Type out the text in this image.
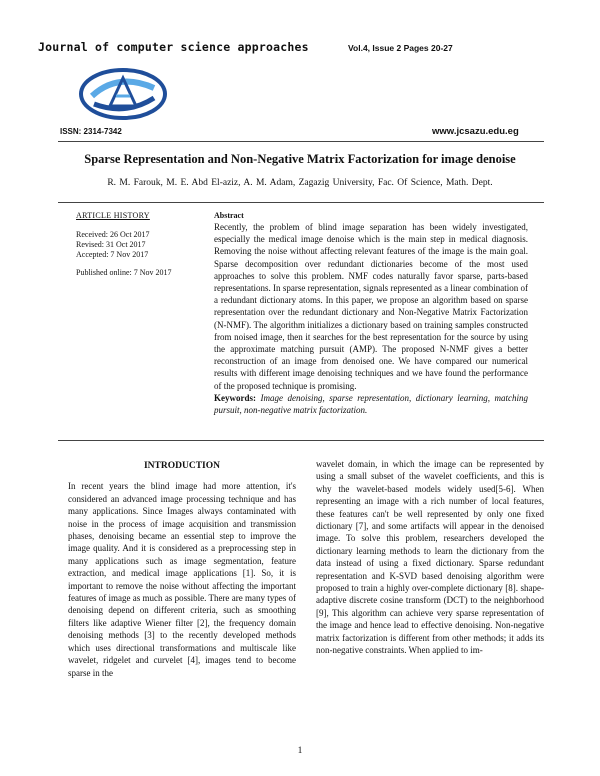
Journal of computer science approaches	Vol.4, Issue 2 Pages 20-27
ISSN: 2314-7342	www.jcsazu.edu.eg
Sparse Representation and Non-Negative Matrix Factorization for image denoise
R. M. Farouk, M. E. Abd El-aziz, A. M. Adam, Zagazig University, Fac. Of Science, Math. Dept.
ARTICLE HISTORY
Received: 26 Oct 2017
Revised: 31 Oct 2017
Accepted: 7 Nov 2017
Published online: 7 Nov 2017
Abstract
Recently, the problem of blind image separation has been widely investigated, especially the medical image denoise which is the main step in medical diagnosis. Removing the noise without affecting relevant features of the image is the main goal. Sparse decomposition over redundant dictionaries become of the most used approaches to solve this problem. NMF codes naturally favor sparse, parts-based representations. In sparse representation, signals represented as a linear combination of a redundant dictionary atoms. In this paper, we propose an algorithm based on sparse representation over the redundant dictionary and Non-Negative Matrix Factorization (N-NMF). The algorithm initializes a dictionary based on training samples constructed from noised image, then it searches for the best representation for the source by using the approximate matching pursuit (AMP). The proposed N-NMF gives a better reconstruction of an image from denoised one. We have compared our numerical results with different image denoising techniques and we have found the performance of the proposed technique is promising.
Keywords: Image denoising, sparse representation, dictionary learning, matching pursuit, non-negative matrix factorization.
INTRODUCTION
In recent years the blind image had more attention, it's considered an advanced image processing technique and has many applications. Since Images always contaminated with noise in the process of image acquisition and transmission phases, denoising became an essential step to improve the image quality. And it is considered as a preprocessing step in many applications such as image segmentation, feature extraction, and medical image applications [1]. So, it is important to remove the noise without affecting the important features of image as much as possible. There are many types of denoising depend on different criteria, such as smoothing filters like adaptive Wiener filter [2], the frequency domain denoising methods [3] to the recently developed methods which uses directional transformations and multiscale like wavelet, ridgelet and curvelet [4], images tend to become sparse in the
wavelet domain, in which the image can be represented by using a small subset of the wavelet coefficients, and this is why the wavelet-based models widely used[5-6]. When representing an image with a rich number of local features, these features can't be well represented by only one fixed dictionary [7], and some artifacts will appear in the denoised image. To solve this problem, researchers developed the dictionary learning methods to learn the dictionary from the data instead of using a fixed dictionary. Sparse redundant representation and K-SVD based denoising algorithm were proposed to train a highly over-complete dictionary [8]. shape-adaptive discrete cosine transform (DCT) to the neighborhood [9], This algorithm can achieve very sparse representation of the image and hence lead to effective denoising. Non-negative matrix factorization is different from other methods; it adds its non-negative constraints. When applied to im-
1
